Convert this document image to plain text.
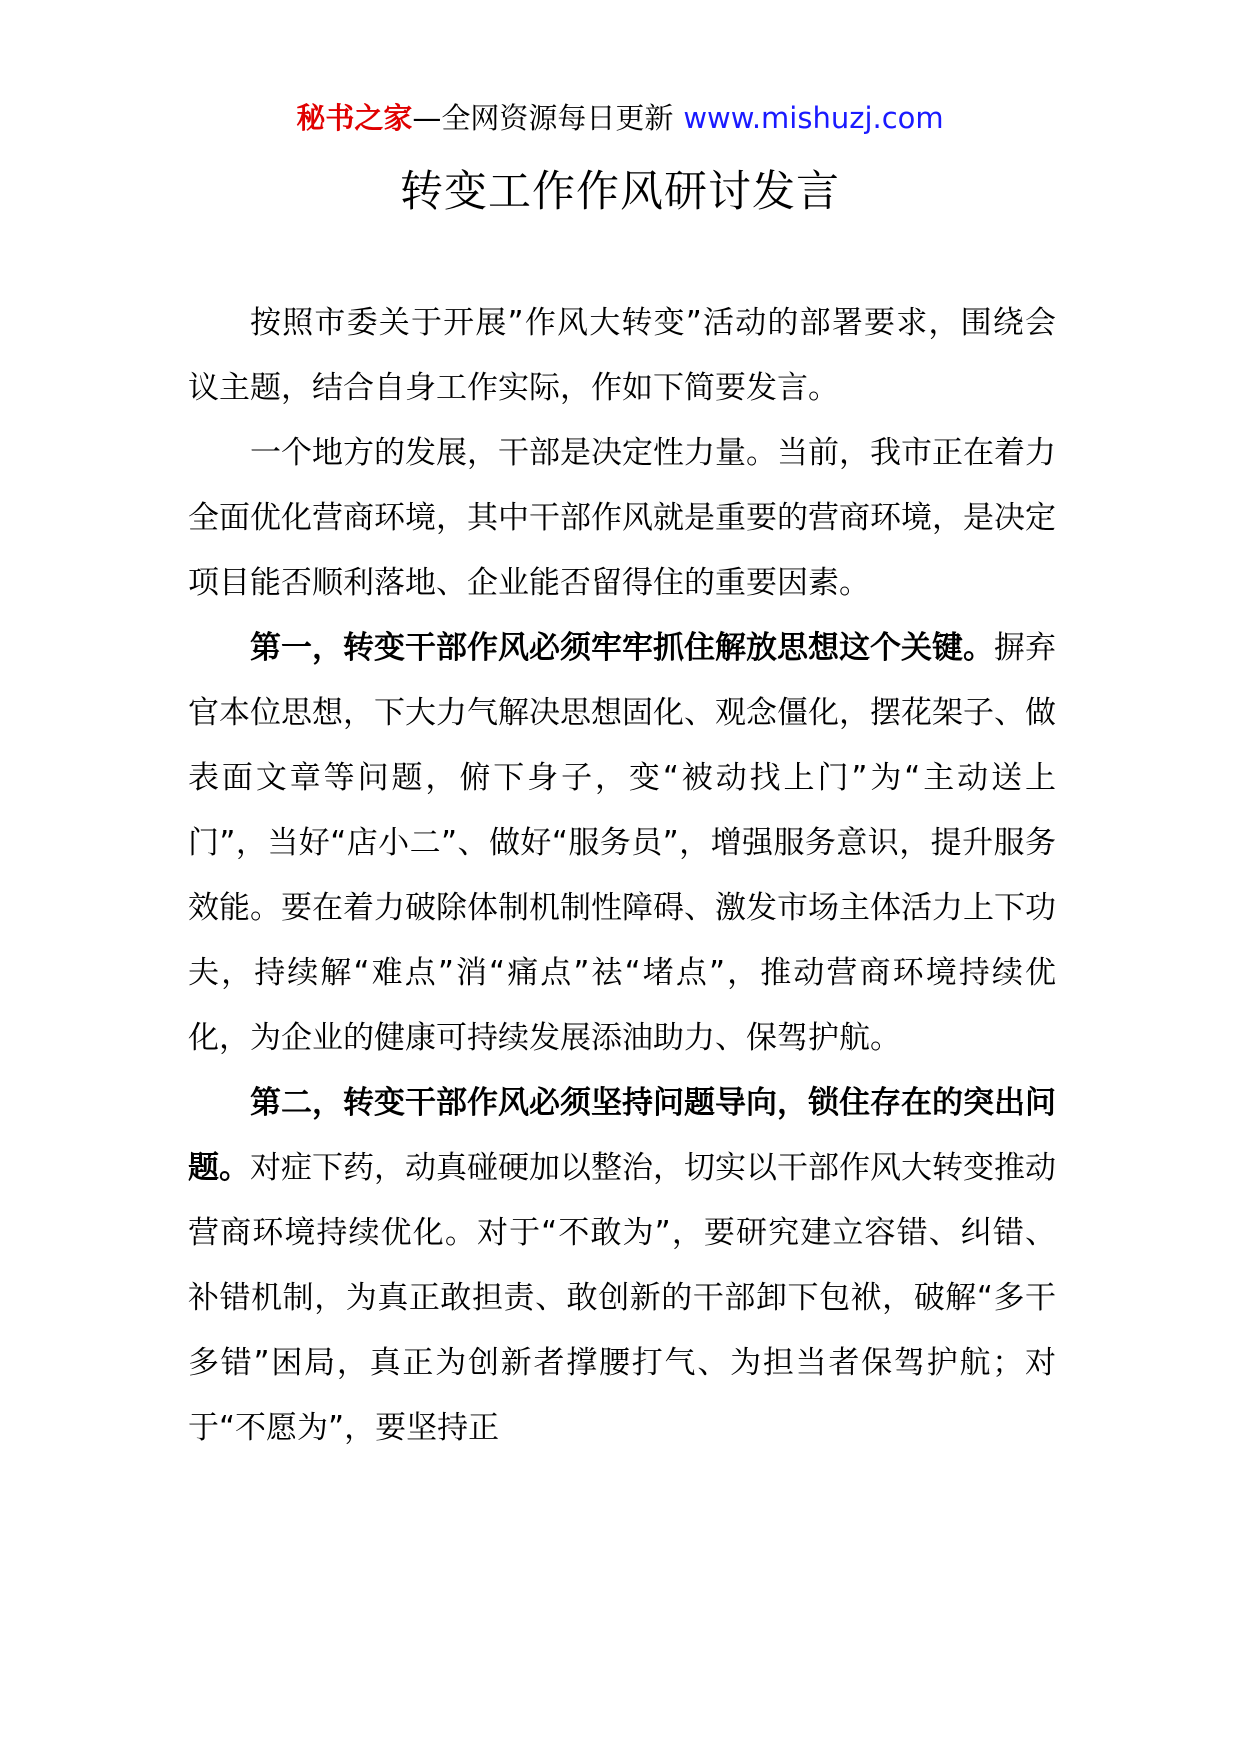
秘书之家—全网资源每日更新 www.mishuzj.com
转变工作作风研讨发言

按照市委关于开展”作风大转变”活动的部署要求，围绕会议主题，结合自身工作实际，作如下简要发言。

一个地方的发展，干部是决定性力量。当前，我市正在着力全面优化营商环境，其中干部作风就是重要的营商环境，是决定项目能否顺利落地、企业能否留得住的重要因素。

第一，转变干部作风必须牢牢抓住解放思想这个关键。摒弃官本位思想，下大力气解决思想固化、观念僵化，摆花架子、做表面文章等问题，俯下身子，变“被动找上门”为“主动送上门”，当好“店小二”、做好“服务员”，增强服务意识，提升服务效能。要在着力破除体制机制性障碍、激发市场主体活力上下功夫，持续解“难点”消“痛点”祛“堵点”，推动营商环境持续优化，为企业的健康可持续发展添油助力、保驾护航。

第二，转变干部作风必须坚持问题导向，锁住存在的突出问题。对症下药，动真碰硬加以整治，切实以干部作风大转变推动营商环境持续优化。对于“不敢为”，要研究建立容错、纠错、补错机制，为真正敢担责、敢创新的干部卸下包袱，破解“多干多错”困局，真正为创新者撑腰打气、为担当者保驾护航；对于“不愿为”，要坚持正
